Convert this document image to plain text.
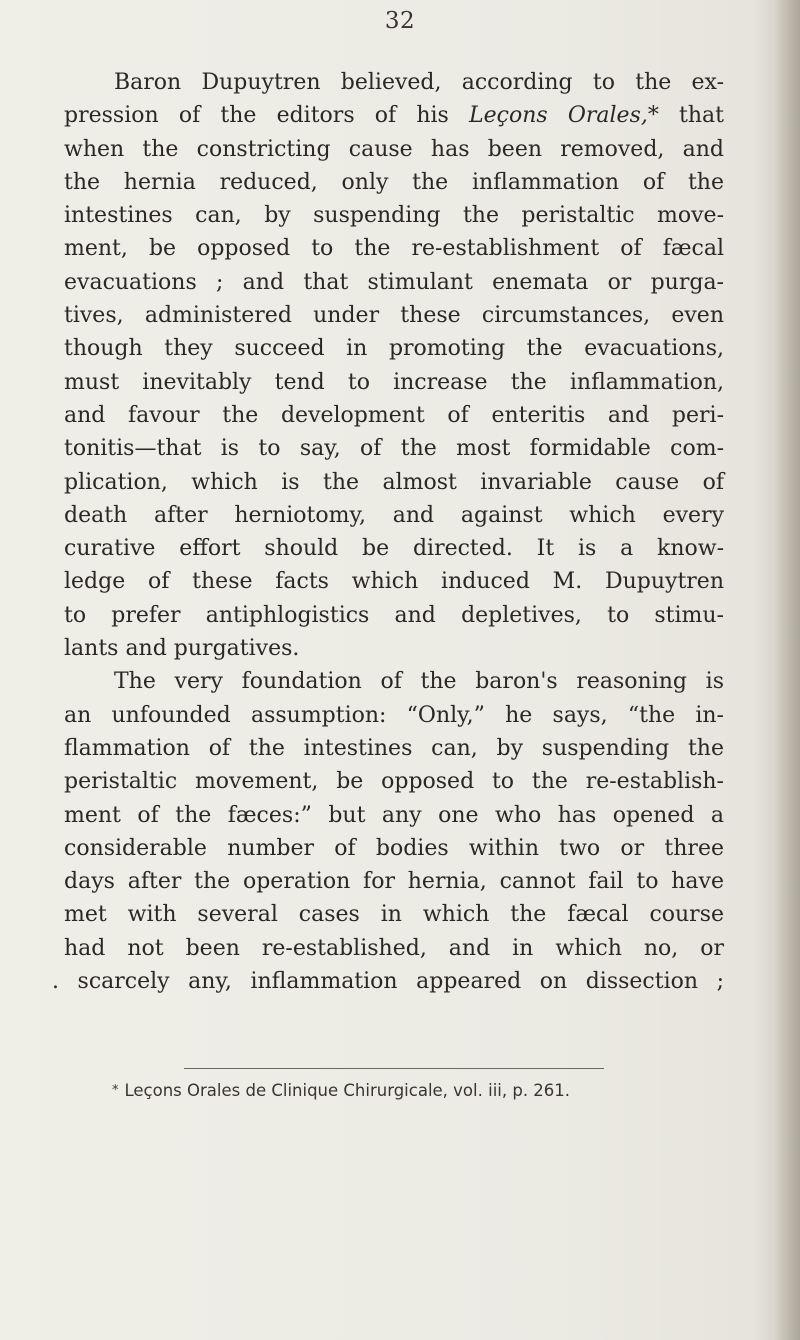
32
Baron Dupuytren believed, according to the ex-
pression of the editors of his Leçons Orales,* that
when the constricting cause has been removed, and
the hernia reduced, only the inflammation of the
intestines can, by suspending the peristaltic move-
ment, be opposed to the re-establishment of fæcal
evacuations ; and that stimulant enemata or purga-
tives, administered under these circumstances, even
though they succeed in promoting the evacuations,
must inevitably tend to increase the inflammation,
and favour the development of enteritis and peri-
tonitis—that is to say, of the most formidable com-
plication, which is the almost invariable cause of
death after herniotomy, and against which every
curative effort should be directed. It is a know-
ledge of these facts which induced M. Dupuytren
to prefer antiphlogistics and depletives, to stimu-
lants and purgatives.
The very foundation of the baron's reasoning is
an unfounded assumption: “Only,” he says, “the in-
flammation of the intestines can, by suspending the
peristaltic movement, be opposed to the re-establish-
ment of the fæces:” but any one who has opened a
considerable number of bodies within two or three
days after the operation for hernia, cannot fail to have
met with several cases in which the fæcal course
had not been re-established, and in which no, or
. scarcely any, inflammation appeared on dissection ;
* Leçons Orales de Clinique Chirurgicale, vol. iii, p. 261.
